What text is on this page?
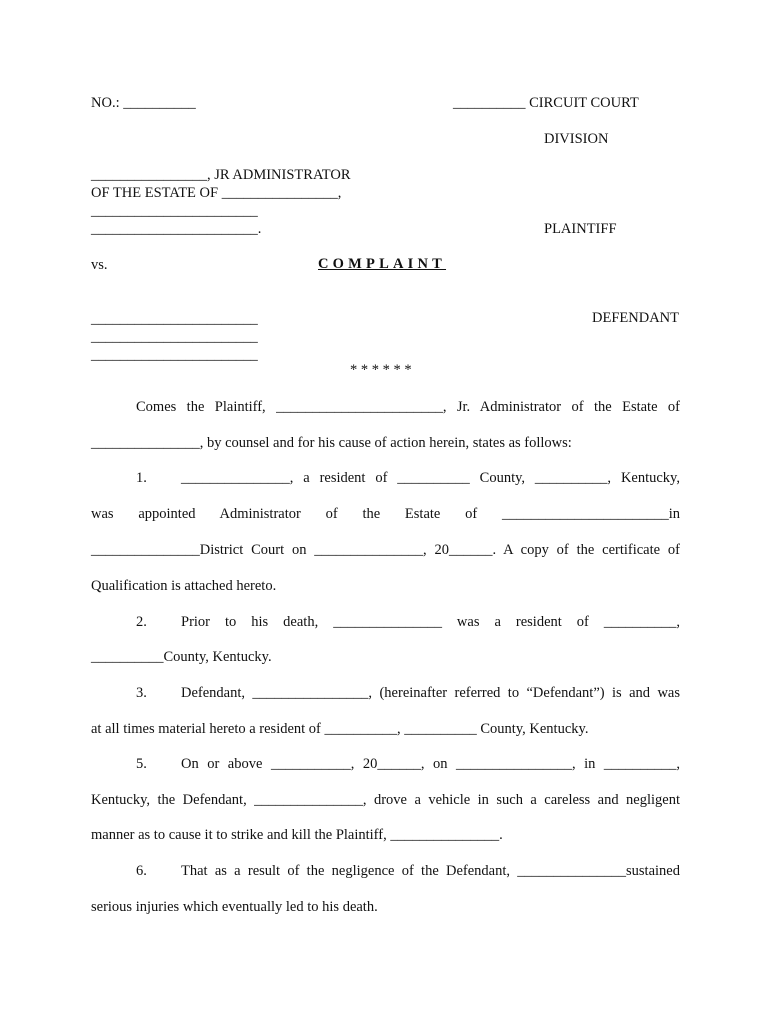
NO.: __________	__________ CIRCUIT COURT
DIVISION
________________, JR ADMINISTRATOR
OF THE ESTATE OF ________________,
_______________________
_______________________.	PLAINTIFF
vs.	COMPLAINT
_______________________
_______________________
_______________________
DEFENDANT
* * * * * *
Comes the Plaintiff, _______________________, Jr. Administrator of the Estate of
_______________, by counsel and for his cause of action herein, states as follows:
1. _______________, a resident of __________ County, __________, Kentucky,
was appointed Administrator of the Estate of _______________________in
_______________District Court on _______________, 20______. A copy of the certificate of
Qualification is attached hereto.
2. Prior to his death, _______________ was a resident of __________,
__________County, Kentucky.
3. Defendant, ________________, (hereinafter referred to “Defendant”) is and was
at all times material hereto a resident of __________, __________ County, Kentucky.
5. On or above ___________, 20______, on ________________, in __________,
Kentucky, the Defendant, _______________, drove a vehicle in such a careless and negligent
manner as to cause it to strike and kill the Plaintiff, _______________.
6. That as a result of the negligence of the Defendant, _______________sustained
serious injuries which eventually led to his death.
